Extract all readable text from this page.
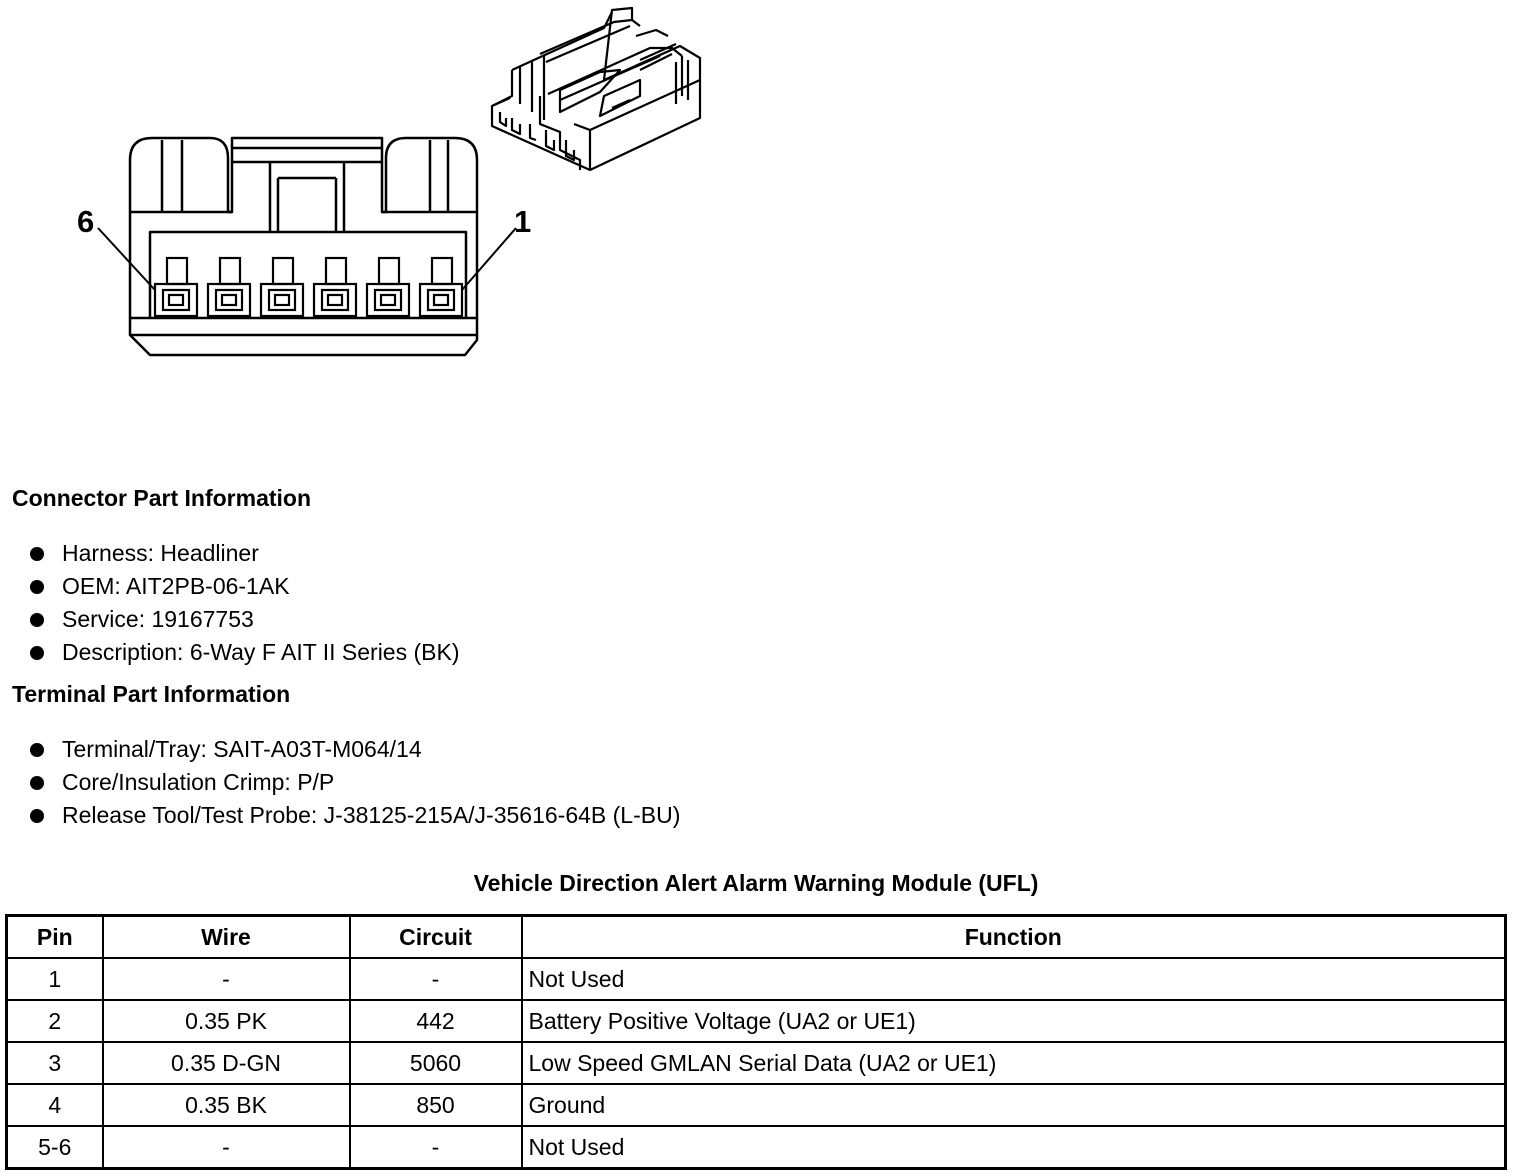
6	1
Connector Part Information
Harness: Headliner
OEM: AIT2PB-06-1AK
Service: 19167753
Description: 6-Way F AIT II Series (BK)
Terminal Part Information
Terminal/Tray: SAIT-A03T-M064/14
Core/Insulation Crimp: P/P
Release Tool/Test Probe: J-38125-215A/J-35616-64B (L-BU)
Vehicle Direction Alert Alarm Warning Module (UFL)
Pin	Wire	Circuit	Function
1	-	-	Not Used
2	0.35 PK	442	Battery Positive Voltage (UA2 or UE1)
3	0.35 D-GN	5060	Low Speed GMLAN Serial Data (UA2 or UE1)
4	0.35 BK	850	Ground
5-6	-	-	Not Used
